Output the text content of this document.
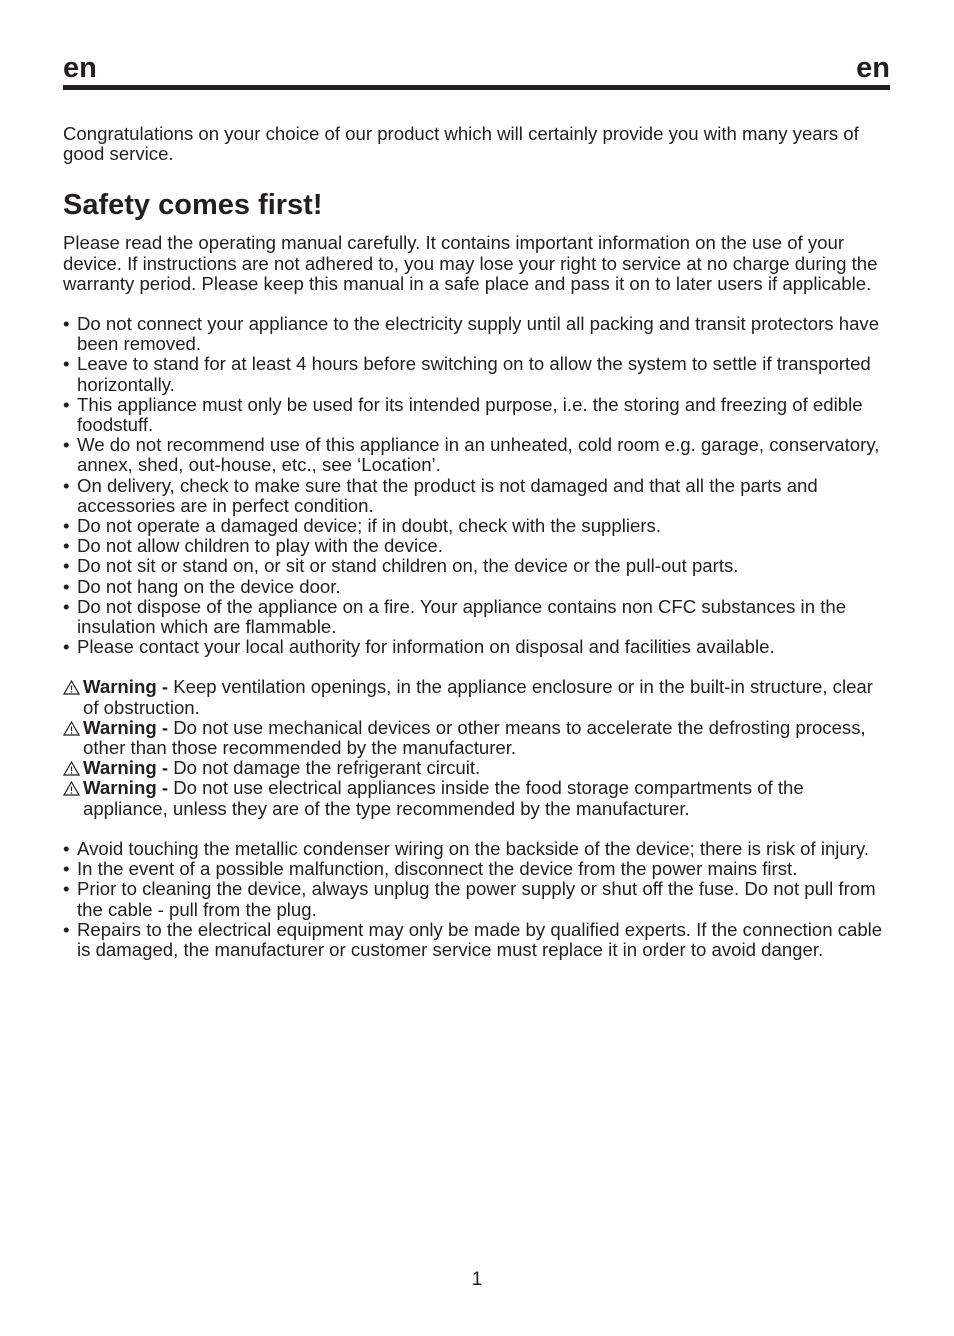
en	en

Congratulations on your choice of our product which will certainly provide you with many years of good service.

Safety comes first!

Please read the operating manual carefully. It contains important information on the use of your device. If instructions are not adhered to, you may lose your right to service at no charge during the warranty period. Please keep this manual in a safe place and pass it on to later users if applicable.

• Do not connect your appliance to the electricity supply until all packing and transit protectors have been removed.
• Leave to stand for at least 4 hours before switching on to allow the system to settle if transported horizontally.
• This appliance must only be used for its intended purpose, i.e. the storing and freezing of edible foodstuff.
• We do not recommend use of this appliance in an unheated, cold room e.g. garage, conservatory, annex, shed, out-house, etc., see ‘Location’.
• On delivery, check to make sure that the product is not damaged and that all the parts and accessories are in perfect condition.
• Do not operate a damaged device; if in doubt, check with the suppliers.
• Do not allow children to play with the device.
• Do not sit or stand on, or sit or stand children on, the device or the pull-out parts.
• Do not hang on the device door.
• Do not dispose of the appliance on a fire. Your appliance contains non CFC substances in the insulation which are flammable.
• Please contact your local authority for information on disposal and facilities available.
Warning - Keep ventilation openings, in the appliance enclosure or in the built-in structure, clear of obstruction.
Warning - Do not use mechanical devices or other means to accelerate the defrosting process, other than those recommended by the manufacturer.
Warning - Do not damage the refrigerant circuit.
Warning - Do not use electrical appliances inside the food storage compartments of the appliance, unless they are of the type recommended by the manufacturer.
• Avoid touching the metallic condenser wiring on the backside of the device; there is risk of injury.
• In the event of a possible malfunction, disconnect the device from the power mains first.
• Prior to cleaning the device, always unplug the power supply or shut off the fuse. Do not pull from the cable - pull from the plug.
• Repairs to the electrical equipment may only be made by qualified experts. If the connection cable is damaged, the manufacturer or customer service must replace it in order to avoid danger.
1
